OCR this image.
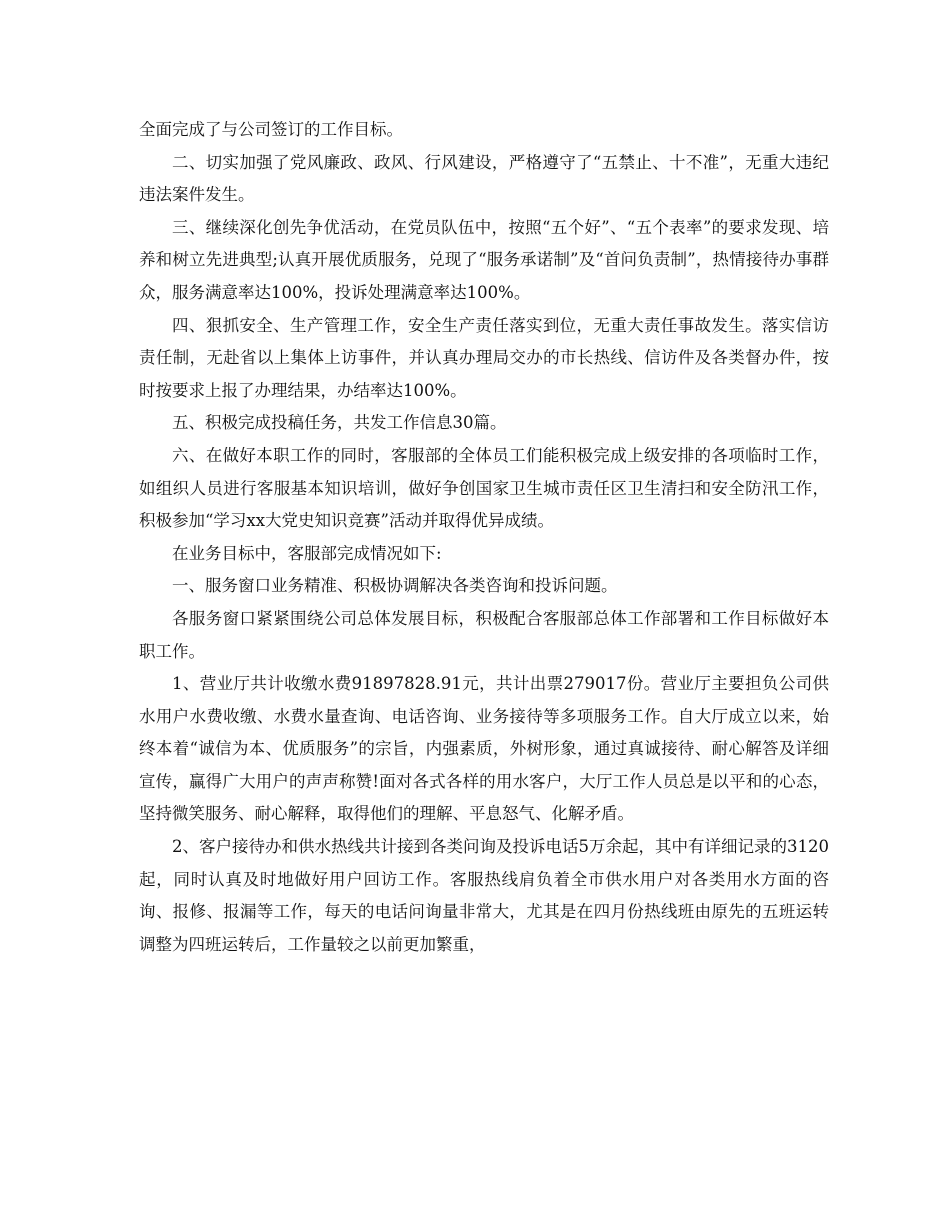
全面完成了与公司签订的工作目标。

二、切实加强了党风廉政、政风、行风建设，严格遵守了“五禁止、十不准”，无重大违纪违法案件发生。

三、继续深化创先争优活动，在党员队伍中，按照“五个好”、“五个表率”的要求发现、培养和树立先进典型;认真开展优质服务，兑现了“服务承诺制”及“首问负责制”，热情接待办事群众，服务满意率达100%，投诉处理满意率达100%。

四、狠抓安全、生产管理工作，安全生产责任落实到位，无重大责任事故发生。落实信访责任制，无赴省以上集体上访事件，并认真办理局交办的市长热线、信访件及各类督办件，按时按要求上报了办理结果，办结率达100%。

五、积极完成投稿任务，共发工作信息30篇。

六、在做好本职工作的同时，客服部的全体员工们能积极完成上级安排的各项临时工作，如组织人员进行客服基本知识培训，做好争创国家卫生城市责任区卫生清扫和安全防汛工作，积极参加“学习xx大党史知识竞赛”活动并取得优异成绩。

在业务目标中，客服部完成情况如下:

一、服务窗口业务精准、积极协调解决各类咨询和投诉问题。

各服务窗口紧紧围绕公司总体发展目标，积极配合客服部总体工作部署和工作目标做好本职工作。

1、营业厅共计收缴水费91897828.91元，共计出票279017份。营业厅主要担负公司供水用户水费收缴、水费水量查询、电话咨询、业务接待等多项服务工作。自大厅成立以来，始终本着“诚信为本、优质服务”的宗旨，内强素质，外树形象，通过真诚接待、耐心解答及详细宣传，赢得广大用户的声声称赞!面对各式各样的用水客户，大厅工作人员总是以平和的心态，坚持微笑服务、耐心解释，取得他们的理解、平息怒气、化解矛盾。

2、客户接待办和供水热线共计接到各类问询及投诉电话5万余起，其中有详细记录的3120起，同时认真及时地做好用户回访工作。客服热线肩负着全市供水用户对各类用水方面的咨询、报修、报漏等工作，每天的电话问询量非常大，尤其是在四月份热线班由原先的五班运转调整为四班运转后，工作量较之以前更加繁重，
